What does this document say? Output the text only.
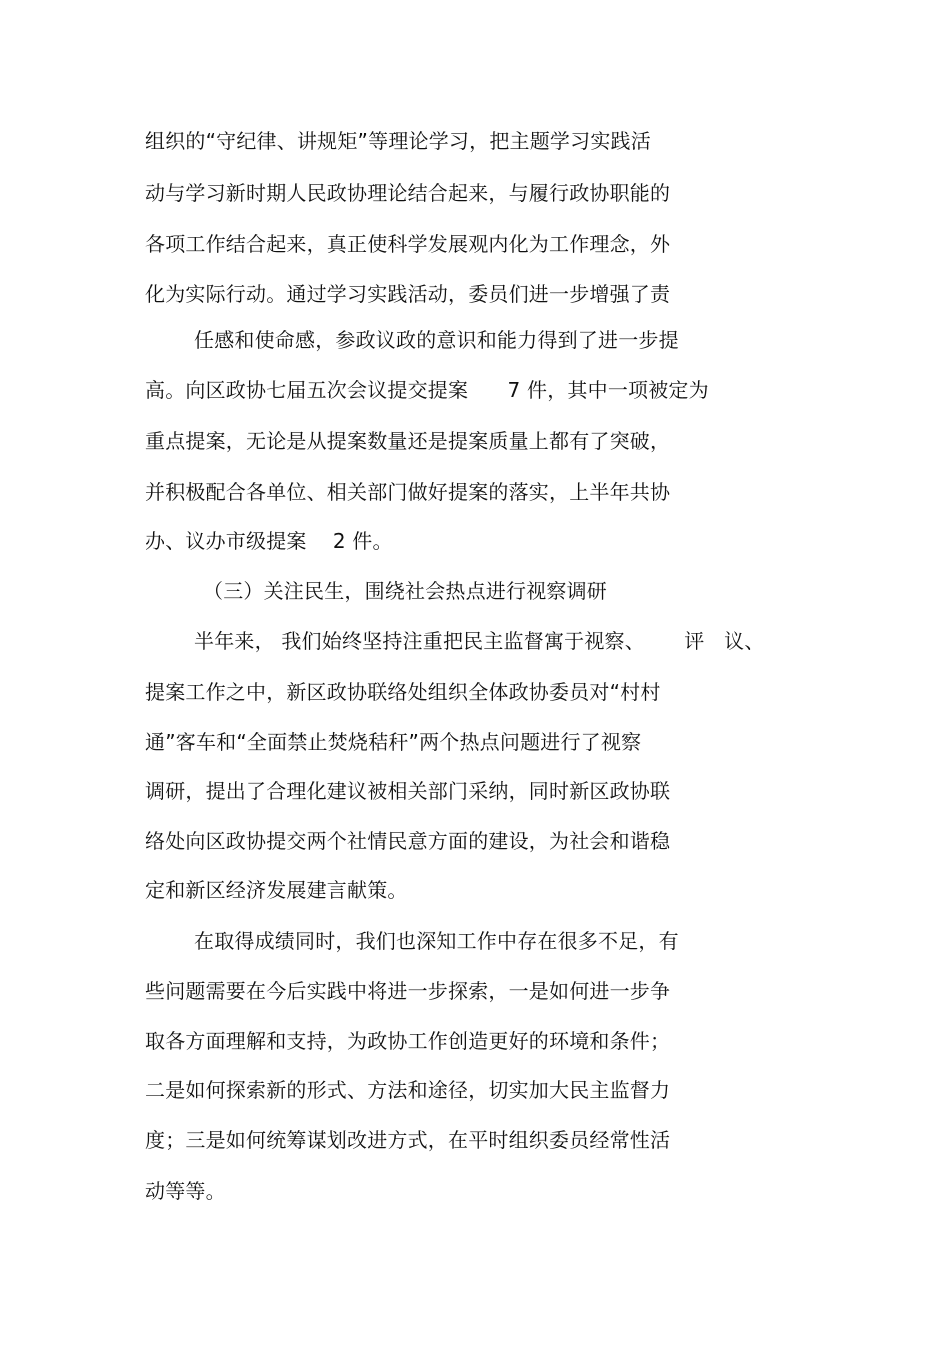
组织的“守纪律、讲规矩”等理论学习，把主题学习实践活
动与学习新时期人民政协理论结合起来，与履行政协职能的
各项工作结合起来，真正使科学发展观内化为工作理念，外
化为实际行动。通过学习实践活动，委员们进一步增强了责
任感和使命感，参政议政的意识和能力得到了进一步提
高。向区政协七届五次会议提交提案      7 件，其中一项被定为
重点提案，无论是从提案数量还是提案质量上都有了突破，
并积极配合各单位、相关部门做好提案的落实，上半年共协
办、议办市级提案    2 件。
（三）关注民生，围绕社会热点进行视察调研
半年来， 我们始终坚持注重把民主监督寓于视察、      评   议、
提案工作之中，新区政协联络处组织全体政协委员对“村村
通”客车和“全面禁止焚烧秸秆”两个热点问题进行了视察
调研，提出了合理化建议被相关部门采纳，同时新区政协联
络处向区政协提交两个社情民意方面的建设，为社会和谐稳
定和新区经济发展建言献策。
在取得成绩同时，我们也深知工作中存在很多不足，有
些问题需要在今后实践中将进一步探索，一是如何进一步争
取各方面理解和支持，为政协工作创造更好的环境和条件；
二是如何探索新的形式、方法和途径，切实加大民主监督力
度；三是如何统筹谋划改进方式，在平时组织委员经常性活
动等等。
